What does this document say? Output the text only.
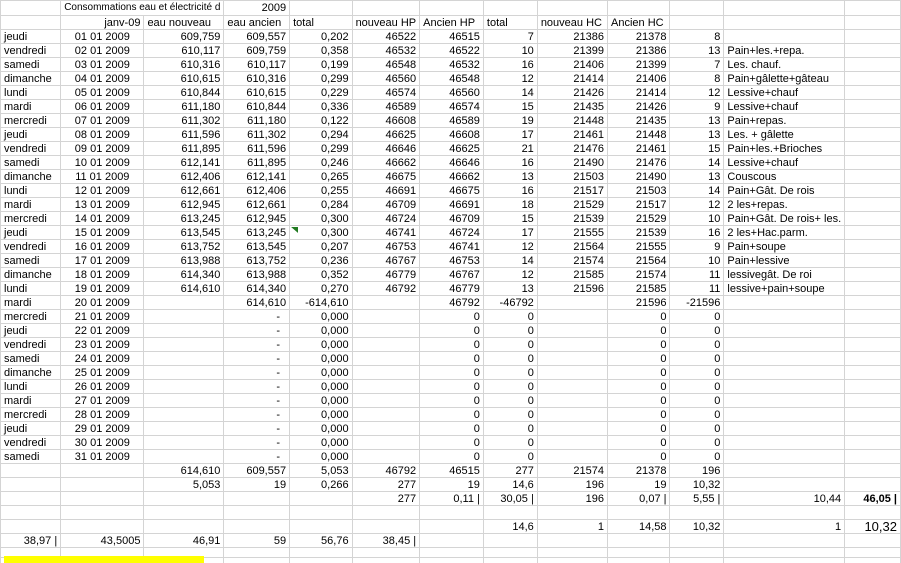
	Consommations eau et électricité d		2009									
	janv-09	eau nouveau	eau ancien	total	nouveau HP	Ancien HP	total	nouveau HC	Ancien HC			
jeudi	01 01 2009	609,759	609,557	0,202	46522	46515	7	21386	21378	8		
vendredi	02 01 2009	610,117	609,759	0,358	46532	46522	10	21399	21386	13	Pain+les.+repa.	
samedi	03 01 2009	610,316	610,117	0,199	46548	46532	16	21406	21399	7	Les. chauf.	
dimanche	04 01 2009	610,615	610,316	0,299	46560	46548	12	21414	21406	8	Pain+gâlette+gâteau	
lundi	05 01 2009	610,844	610,615	0,229	46574	46560	14	21426	21414	12	Lessive+chauf	
mardi	06 01 2009	611,180	610,844	0,336	46589	46574	15	21435	21426	9	Lessive+chauf	
mercredi	07 01 2009	611,302	611,180	0,122	46608	46589	19	21448	21435	13	Pain+repas.	
jeudi	08 01 2009	611,596	611,302	0,294	46625	46608	17	21461	21448	13	Les. + gâlette	
vendredi	09 01 2009	611,895	611,596	0,299	46646	46625	21	21476	21461	15	Pain+les.+Brioches	
samedi	10 01 2009	612,141	611,895	0,246	46662	46646	16	21490	21476	14	Lessive+chauf	
dimanche	11 01 2009	612,406	612,141	0,265	46675	46662	13	21503	21490	13	Couscous	
lundi	12 01 2009	612,661	612,406	0,255	46691	46675	16	21517	21503	14	Pain+Gât. De rois	
mardi	13 01 2009	612,945	612,661	0,284	46709	46691	18	21529	21517	12	2 les+repas.	
mercredi	14 01 2009	613,245	612,945	0,300	46724	46709	15	21539	21529	10	Pain+Gât. De rois+ les.	
jeudi	15 01 2009	613,545	613,245	0,300	46741	46724	17	21555	21539	16	2 les+Hac.parm.	
vendredi	16 01 2009	613,752	613,545	0,207	46753	46741	12	21564	21555	9	Pain+soupe	
samedi	17 01 2009	613,988	613,752	0,236	46767	46753	14	21574	21564	10	Pain+lessive	
dimanche	18 01 2009	614,340	613,988	0,352	46779	46767	12	21585	21574	11	lessivegât. De roi	
lundi	19 01 2009	614,610	614,340	0,270	46792	46779	13	21596	21585	11	lessive+pain+soupe	
mardi	20 01 2009		614,610	-614,610		46792	-46792		21596	-21596		
mercredi	21 01 2009		-	0,000		0	0		0	0		
jeudi	22 01 2009		-	0,000		0	0		0	0		
vendredi	23 01 2009		-	0,000		0	0		0	0		
samedi	24 01 2009		-	0,000		0	0		0	0		
dimanche	25 01 2009		-	0,000		0	0		0	0		
lundi	26 01 2009		-	0,000		0	0		0	0		
mardi	27 01 2009		-	0,000		0	0		0	0		
mercredi	28 01 2009		-	0,000		0	0		0	0		
jeudi	29 01 2009		-	0,000		0	0		0	0		
vendredi	30 01 2009		-	0,000		0	0		0	0		
samedi	31 01 2009		-	0,000		0	0		0	0		
		614,610	609,557	5,053	46792	46515	277	21574	21378	196		
		5,053	19	0,266	277	19	14,6	196	19	10,32		
					277	0,11 |	30,05 |	196	0,07 |	5,55 |	10,44	46,05 |

							14,6	1	14,58	10,32	1	10,32
38,97 |	43,5005	46,91	59	56,76	38,45 |							
